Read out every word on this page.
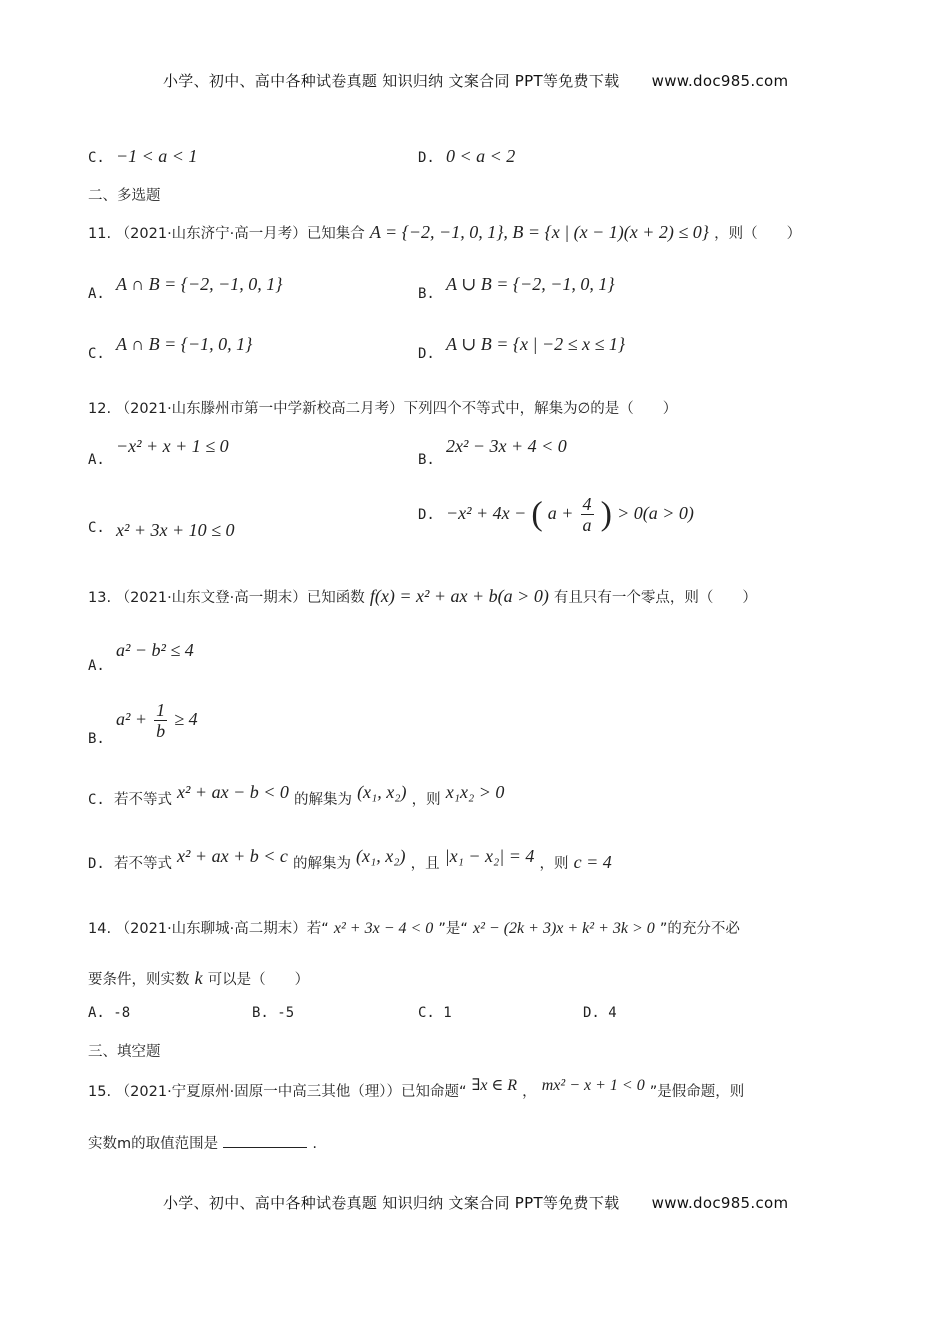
小学、初中、高中各种试卷真题 知识归纳 文案合同 PPT等免费下载 www.doc985.com
C. −1 < a < 1	D. 0 < a < 2
二、多选题
11. （2021·山东济宁·高一月考）已知集合 A = {−2, −1, 0, 1}, B = {x | (x − 1)(x + 2) ≤ 0} ，则（　　）
A. A ∩ B = {−2, −1, 0, 1}	B. A ∪ B = {−2, −1, 0, 1}
C. A ∩ B = {−1, 0, 1}	D. A ∪ B = {x | −2 ≤ x ≤ 1}
12. （2021·山东滕州市第一中学新校高二月考）下列四个不等式中，解集为∅的是（　　）
A. −x² + x + 1 ≤ 0
B. 2x² − 3x + 4 < 0
C. x² + 3x + 10 ≤ 0
D. −x² + 4x − ( $a + \frac{4}{a}$ ) > 0(a > 0)
13. （2021·山东文登·高一期末）已知函数 f(x) = x² + ax + b(a > 0) 有且只有一个零点，则（　　）
A. a² − b² ≤ 4
B. $a^2 + \frac{1}{b} \ge 4$
C. 若不等式 x² + ax − b < 0 的解集为 (x₁, x₂) ，则 x₁x₂ > 0
D. 若不等式 x² + ax + b < c 的解集为 (x₁, x₂) ，且 |x₁ − x₂| = 4 ，则 c = 4
14. （2021·山东聊城·高二期末）若“ x² + 3x − 4 < 0 ”是“ x² − (2k + 3)x + k² + 3k > 0 ”的充分不必
要条件，则实数 k 可以是（　　）
A. -8	B. -5	C. 1	D. 4
三、填空题
15. （2021·宁夏原州·固原一中高三其他（理））已知命题“ ∃x ∈ R ， mx² − x + 1 < 0 ”是假命题，则
实数m的取值范围是	.
小学、初中、高中各种试卷真题 知识归纳 文案合同 PPT等免费下载 www.doc985.com
